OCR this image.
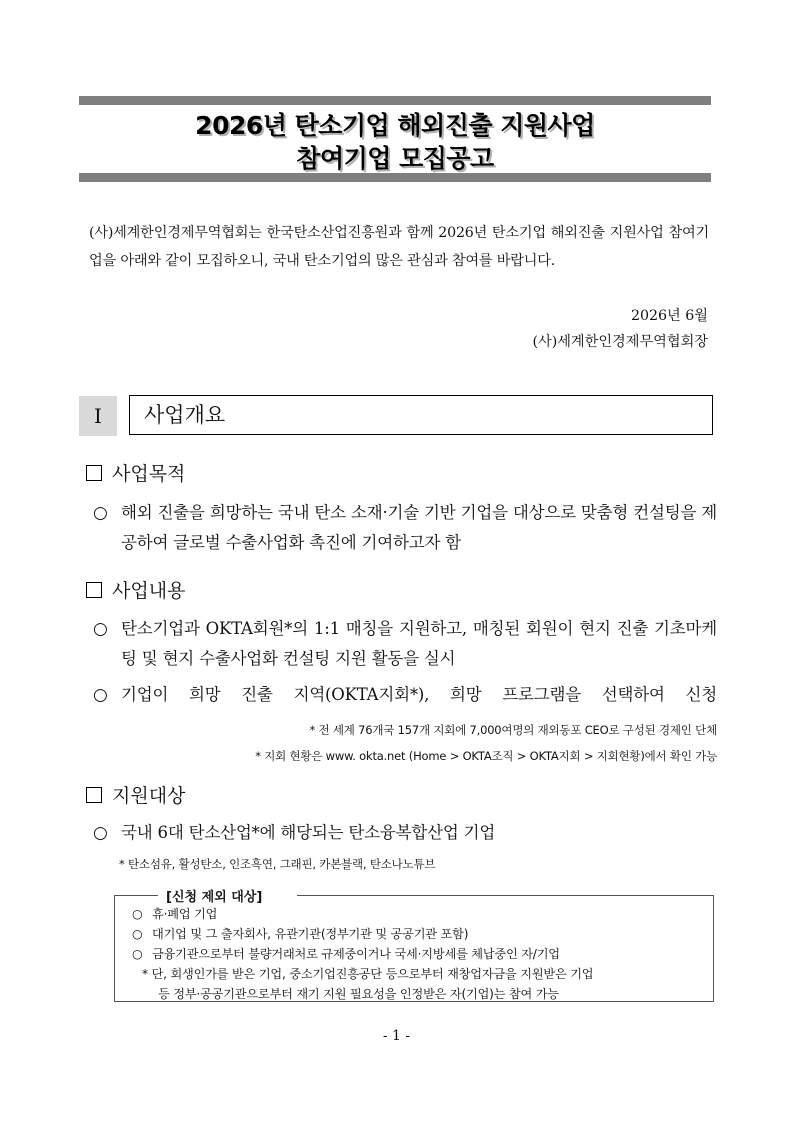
2026년 탄소기업 해외진출 지원사업
참여기업 모집공고
(사)세계한인경제무역협회는 한국탄소산업진흥원과 함께 2026년 탄소기업 해외진출 지원사업 참여기업을 아래와 같이 모집하오니, 국내 탄소기업의 많은 관심과 참여를 바랍니다.
2026년 6월
(사)세계한인경제무역협회장
I	사업개요
사업목적
○ 해외 진출을 희망하는 국내 탄소 소재·기술 기반 기업을 대상으로 맞춤형 컨설팅을 제공하여 글로벌 수출사업화 촉진에 기여하고자 함
사업내용
○ 탄소기업과 OKTA회원*의 1:1 매칭을 지원하고, 매칭된 회원이 현지 진출 기초마케팅 및 현지 수출사업화 컨설팅 지원 활동을 실시
○ 기업이 희망 진출 지역(OKTA지회*), 희망 프로그램을 선택하여 신청
* 전 세계 76개국 157개 지회에 7,000여명의 재외동포 CEO로 구성된 경제인 단체
* 지회 현황은 www. okta.net (Home > OKTA조직 > OKTA지회 > 지회현황)에서 확인 가능
지원대상
○ 국내 6대 탄소산업*에 해당되는 탄소융복합산업 기업
* 탄소섬유, 활성탄소, 인조흑연, 그래핀, 카본블랙, 탄소나노튜브
[신청 제외 대상]
○ 휴·폐업 기업
○ 대기업 및 그 출자회사, 유관기관(정부기관 및 공공기관 포함)
○ 금융기관으로부터 불량거래처로 규제중이거나 국세·지방세를 체납중인 자/기업
* 단, 회생인가를 받은 기업, 중소기업진흥공단 등으로부터 재창업자금을 지원받은 기업
등 정부·공공기관으로부터 재기 지원 필요성을 인정받은 자(기업)는 참여 가능
- 1 -
